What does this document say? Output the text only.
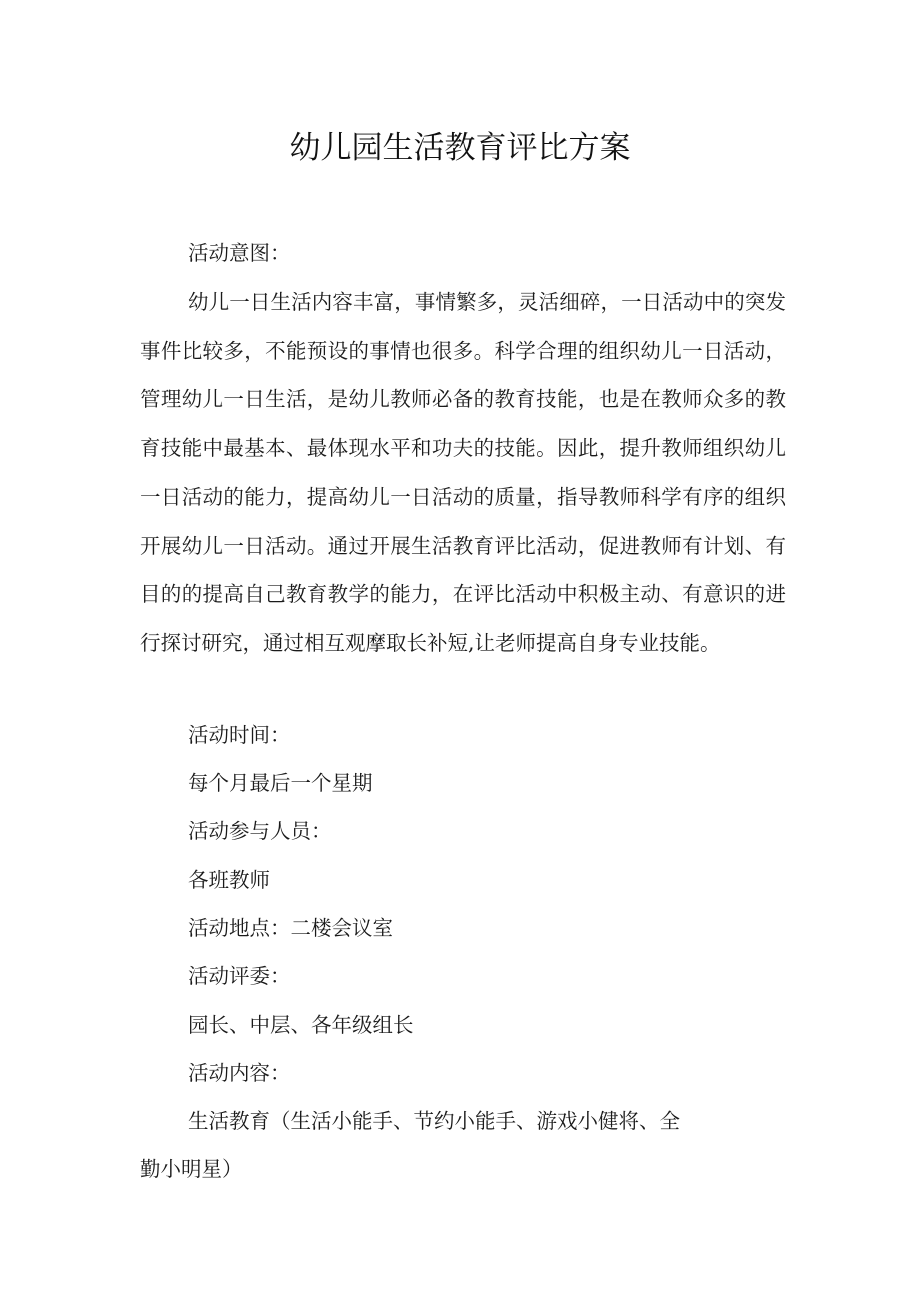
幼儿园生活教育评比方案
活动意图：
幼儿一日生活内容丰富，事情繁多，灵活细碎，一日活动中的突发事件比较多，不能预设的事情也很多。科学合理的组织幼儿一日活动，管理幼儿一日生活，是幼儿教师必备的教育技能，也是在教师众多的教育技能中最基本、最体现水平和功夫的技能。因此，提升教师组织幼儿一日活动的能力，提高幼儿一日活动的质量，指导教师科学有序的组织开展幼儿一日活动。通过开展生活教育评比活动，促进教师有计划、有目的的提高自己教育教学的能力，在评比活动中积极主动、有意识的进行探讨研究，通过相互观摩取长补短,让老师提高自身专业技能。
活动时间：
每个月最后一个星期
活动参与人员：
各班教师
活动地点：二楼会议室
活动评委：
园长、中层、各年级组长
活动内容：
生活教育（生活小能手、节约小能手、游戏小健将、全
勤小明星）
